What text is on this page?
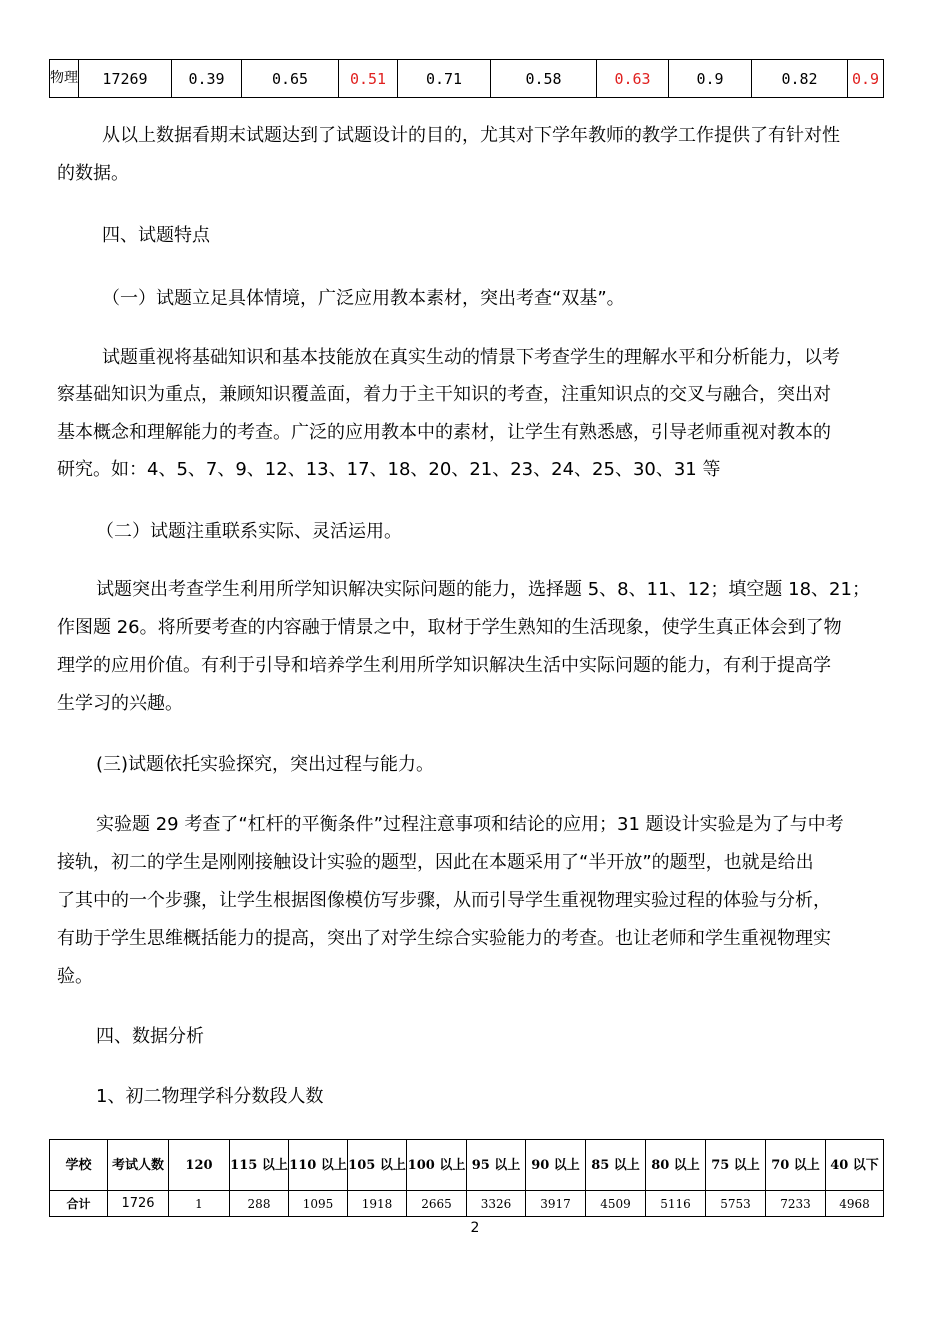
物理	17269	0.39	0.65	0.51	0.71	0.58	0.63	0.9	0.82	0.9
从以上数据看期末试题达到了试题设计的目的，尤其对下学年教师的教学工作提供了有针对性
的数据。
四、试题特点
（一）试题立足具体情境，广泛应用教本素材，突出考查“双基”。
试题重视将基础知识和基本技能放在真实生动的情景下考查学生的理解水平和分析能力，以考
察基础知识为重点，兼顾知识覆盖面，着力于主干知识的考查，注重知识点的交叉与融合，突出对
基本概念和理解能力的考查。广泛的应用教本中的素材，让学生有熟悉感，引导老师重视对教本的
研究。如：4、5、7、9、12、13、17、18、20、21、23、24、25、30、31 等
（二）试题注重联系实际、灵活运用。
试题突出考查学生利用所学知识解决实际问题的能力，选择题 5、8、11、12；填空题 18、21；
作图题 26。将所要考查的内容融于情景之中，取材于学生熟知的生活现象，使学生真正体会到了物
理学的应用价值。有利于引导和培养学生利用所学知识解决生活中实际问题的能力，有利于提高学
生学习的兴趣。
(三)试题依托实验探究，突出过程与能力。
实验题 29 考查了“杠杆的平衡条件”过程注意事项和结论的应用；31 题设计实验是为了与中考
接轨，初二的学生是刚刚接触设计实验的题型，因此在本题采用了“半开放”的题型，也就是给出
了其中的一个步骤，让学生根据图像模仿写步骤，从而引导学生重视物理实验过程的体验与分析，
有助于学生思维概括能力的提高，突出了对学生综合实验能力的考查。也让老师和学生重视物理实
验。
四、数据分析
1、初二物理学科分数段人数
学校	考试人数	120	115 以上	110 以上	105 以上	100 以上	95 以上	90 以上	85 以上	80 以上	75 以上	70 以上	40 以下
合计	1726	1	288	1095	1918	2665	3326	3917	4509	5116	5753	7233	4968
2
